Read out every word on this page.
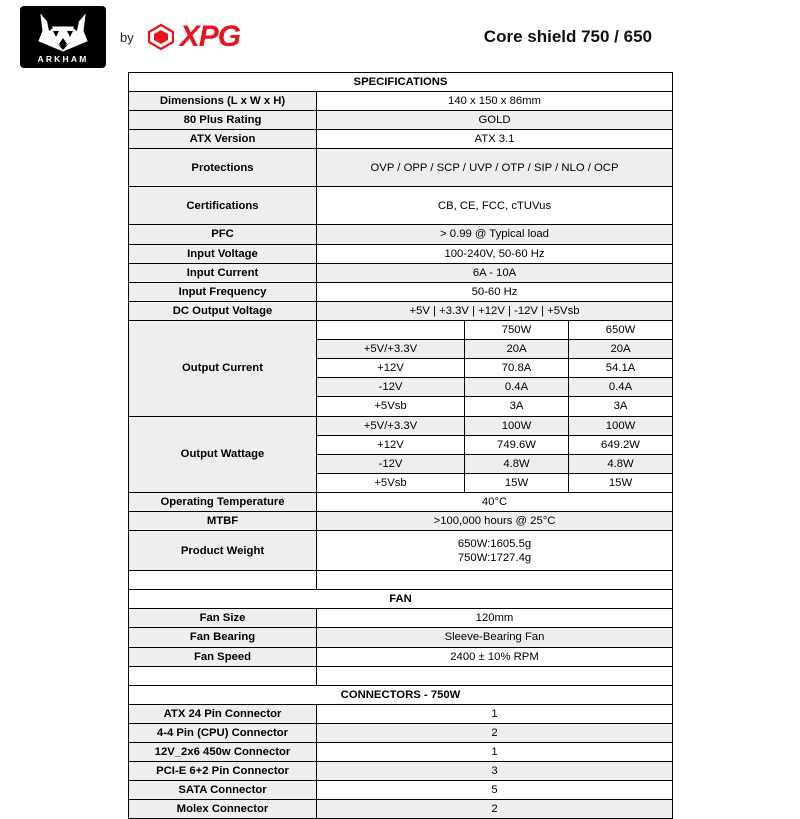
ARKHAM
by XPG	Core shield 750 / 650
SPECIFICATIONS			
Dimensions (L x W x H)	140 x 150 x 86mm		
80 Plus Rating	GOLD		
ATX Version	ATX 3.1		
Protections	OVP / OPP / SCP / UVP / OTP / SIP / NLO / OCP		
Certifications	CB, CE, FCC, cTUVus		
PFC	> 0.99 @ Typical load		
Input Voltage	100-240V, 50-60 Hz		
Input Current	6A - 10A		
Input Frequency	50-60 Hz		
DC Output Voltage	+5V | +3.3V | +12V | -12V | +5Vsb		
Output Current		750W	650W
	+5V/+3.3V	20A	20A
	+12V	70.8A	54.1A
	-12V	0.4A	0.4A
	+5Vsb	3A	3A
Output Wattage	+5V/+3.3V	100W	100W
	+12V	749.6W	649.2W
	-12V	4.8W	4.8W
	+5Vsb	15W	15W
Operating Temperature	40°C		
MTBF	>100,000 hours @ 25°C		
Product Weight	650W:1605.5g
750W:1727.4g		

FAN			
Fan Size	120mm		
Fan Bearing	Sleeve-Bearing Fan		
Fan Speed	2400 ± 10% RPM		

CONNECTORS - 750W			
ATX 24 Pin Connector	1		
4-4 Pin (CPU) Connector	2		
12V_2x6 450w Connector	1		
PCI-E 6+2 Pin Connector	3		
SATA Connector	5		
Molex Connector	2		
